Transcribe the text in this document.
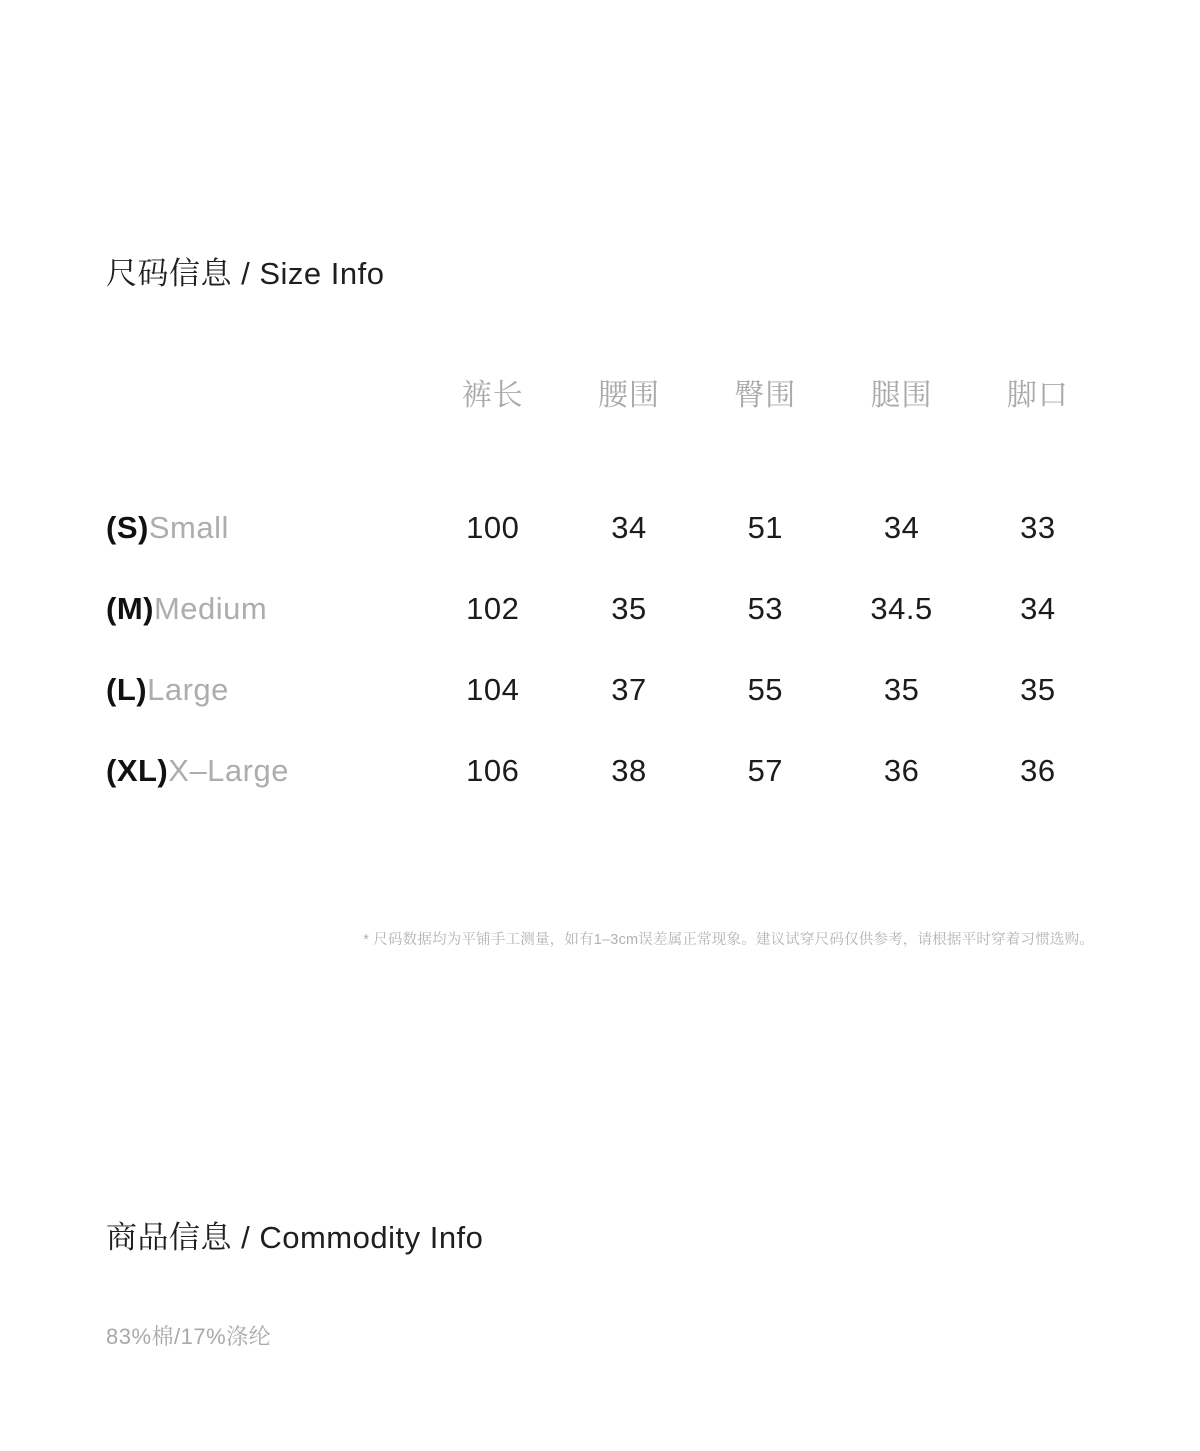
尺码信息 / Size Info
	裤长	腰围	臀围	腿围	脚口
(S)Small	100	34	51	34	33
(M)Medium	102	35	53	34.5	34
(L)Large	104	37	55	35	35
(XL)X–Large	106	38	57	36	36
* 尺码数据均为平铺手工测量，如有1–3cm误差属正常现象。建议试穿尺码仅供参考，请根据平时穿着习惯选购。
商品信息 / Commodity Info
83%棉/17%涤纶
